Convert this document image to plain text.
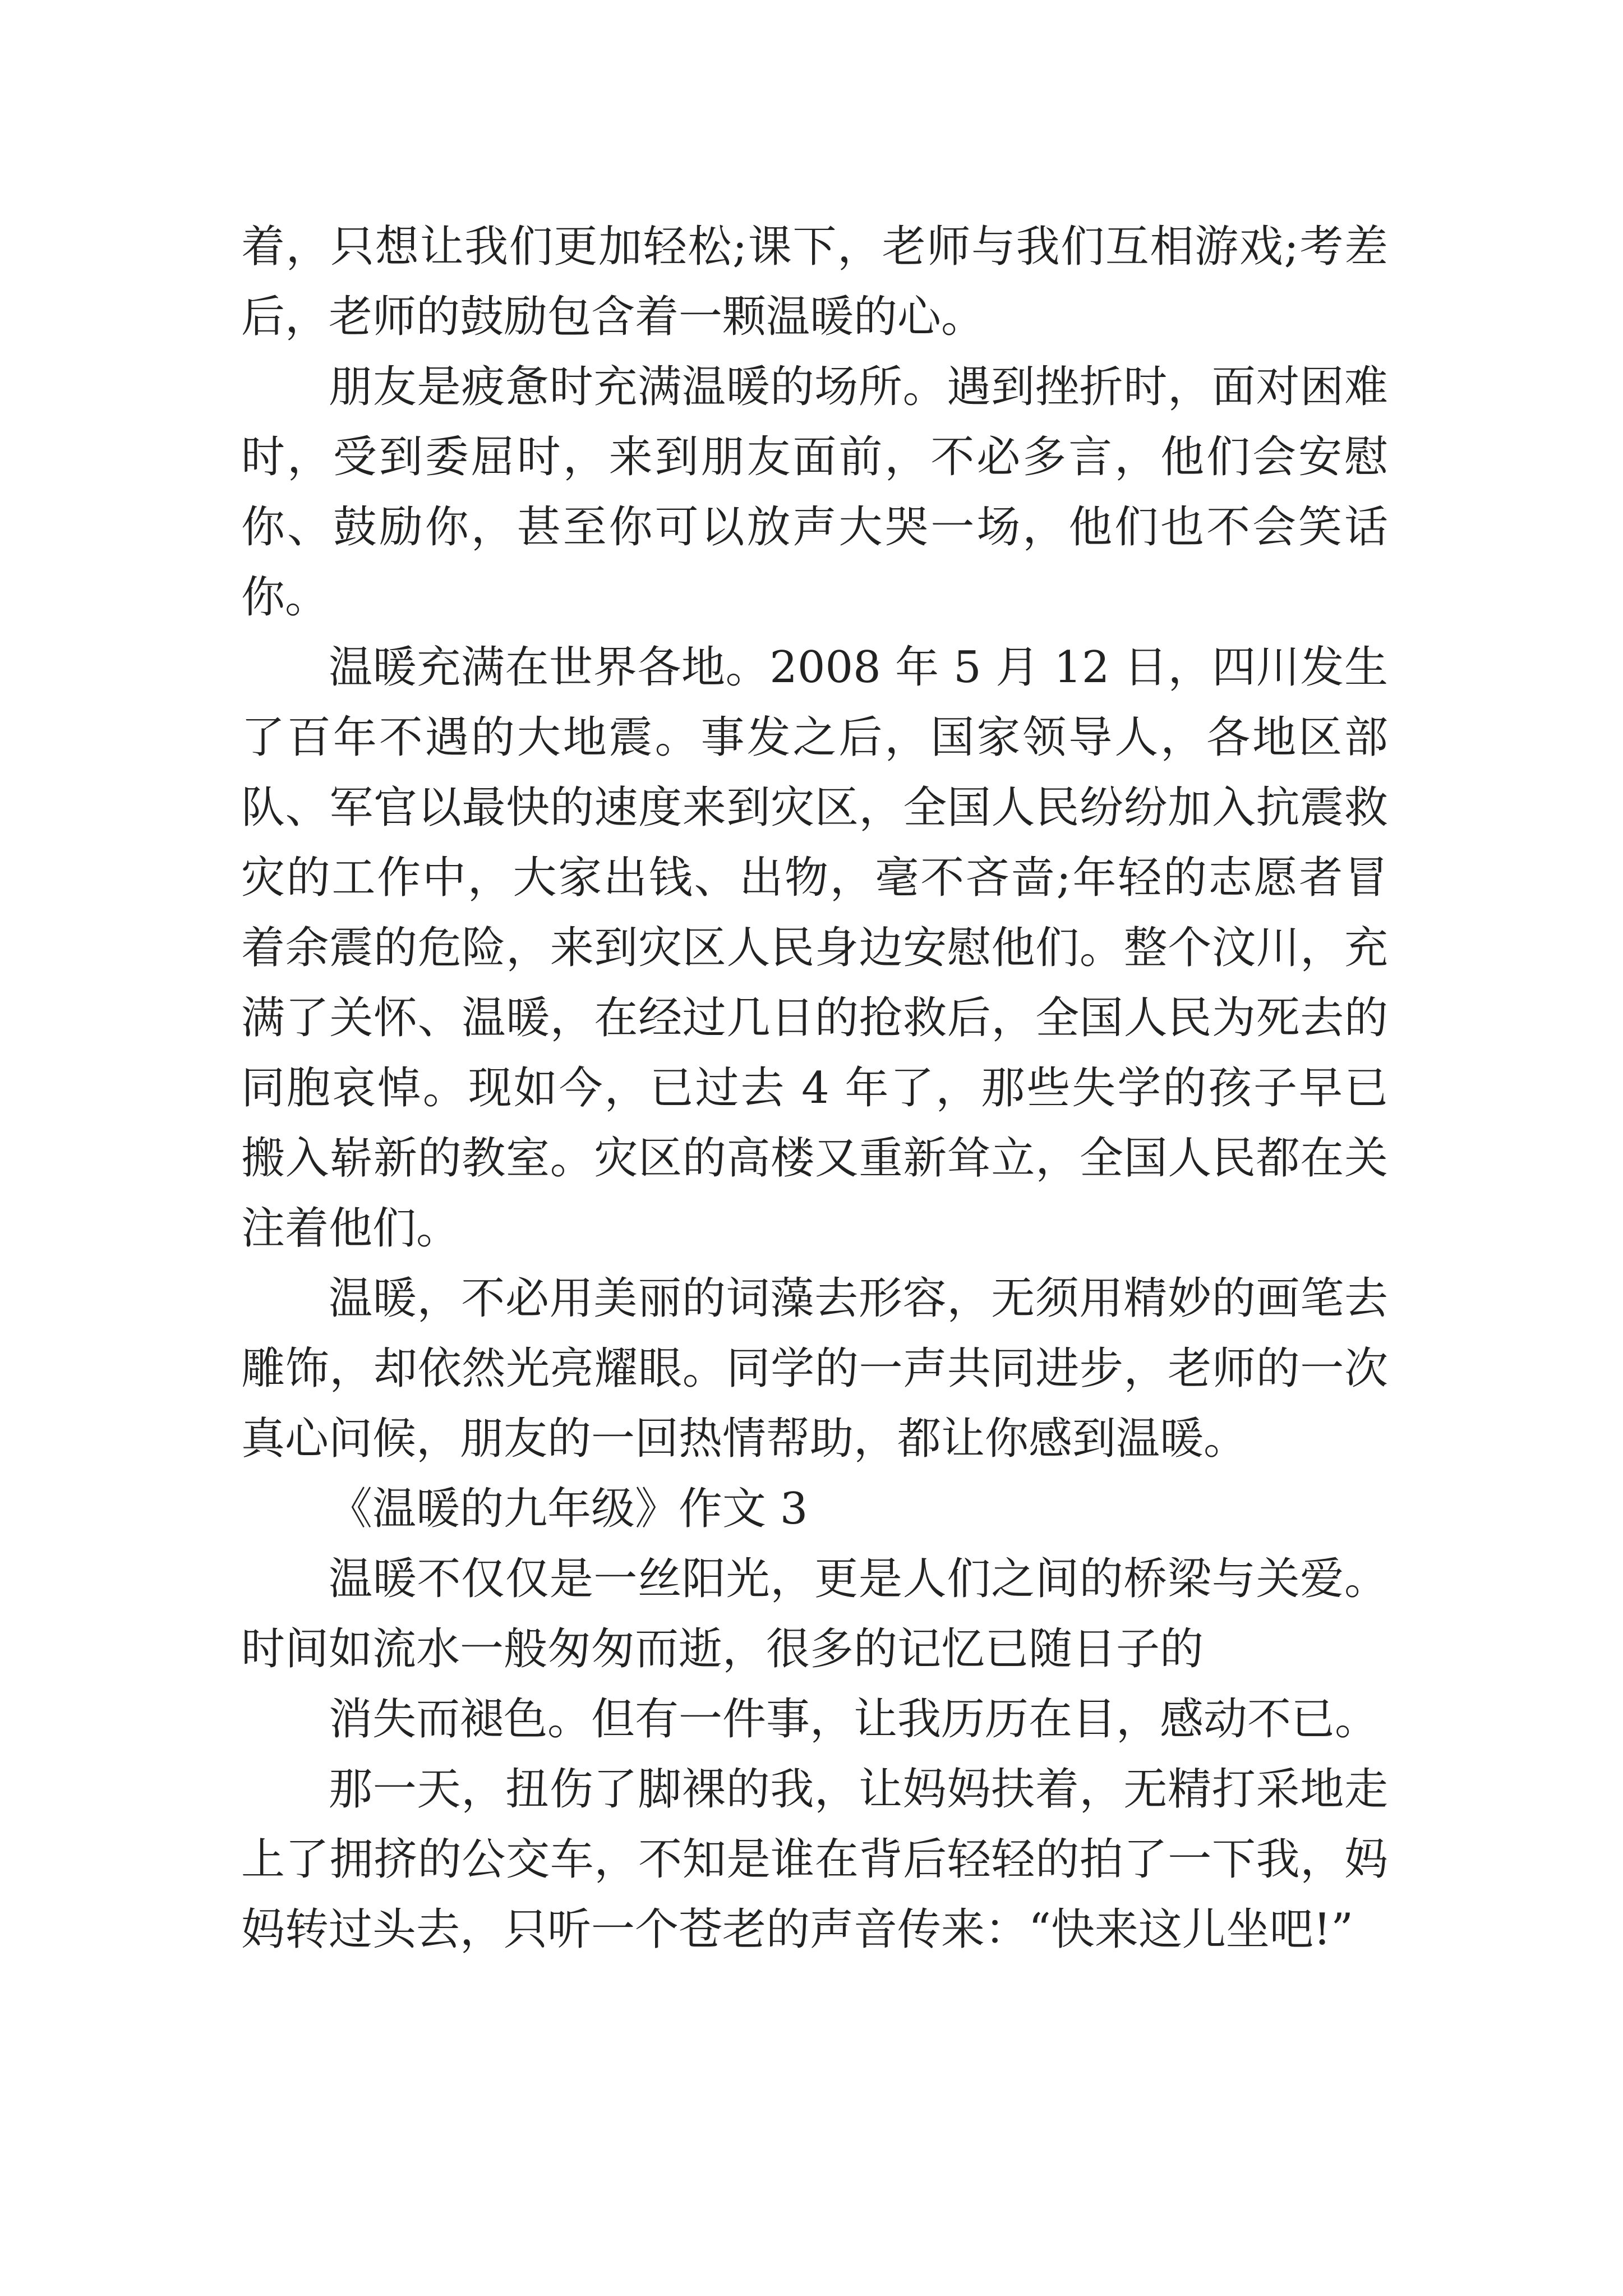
着，只想让我们更加轻松;课下，老师与我们互相游戏;考差后，老师的鼓励包含着一颗温暖的心。

朋友是疲惫时充满温暖的场所。遇到挫折时，面对困难时，受到委屈时，来到朋友面前，不必多言，他们会安慰你、鼓励你，甚至你可以放声大哭一场，他们也不会笑话你。

温暖充满在世界各地。2008 年 5 月 12 日，四川发生了百年不遇的大地震。事发之后，国家领导人，各地区部队、军官以最快的速度来到灾区，全国人民纷纷加入抗震救灾的工作中，大家出钱、出物，毫不吝啬;年轻的志愿者冒着余震的危险，来到灾区人民身边安慰他们。整个汶川，充满了关怀、温暖，在经过几日的抢救后，全国人民为死去的同胞哀悼。现如今，已过去 4 年了，那些失学的孩子早已搬入崭新的教室。灾区的高楼又重新耸立，全国人民都在关注着他们。

温暖，不必用美丽的词藻去形容，无须用精妙的画笔去雕饰，却依然光亮耀眼。同学的一声共同进步，老师的一次真心问候，朋友的一回热情帮助，都让你感到温暖。

《温暖的九年级》作文 3

温暖不仅仅是一丝阳光，更是人们之间的桥梁与关爱。时间如流水一般匆匆而逝，很多的记忆已随日子的

消失而褪色。但有一件事，让我历历在目，感动不已。

那一天，扭伤了脚裸的我，让妈妈扶着，无精打采地走上了拥挤的公交车，不知是谁在背后轻轻的拍了一下我，妈妈转过头去，只听一个苍老的声音传来：“快来这儿坐吧!”
